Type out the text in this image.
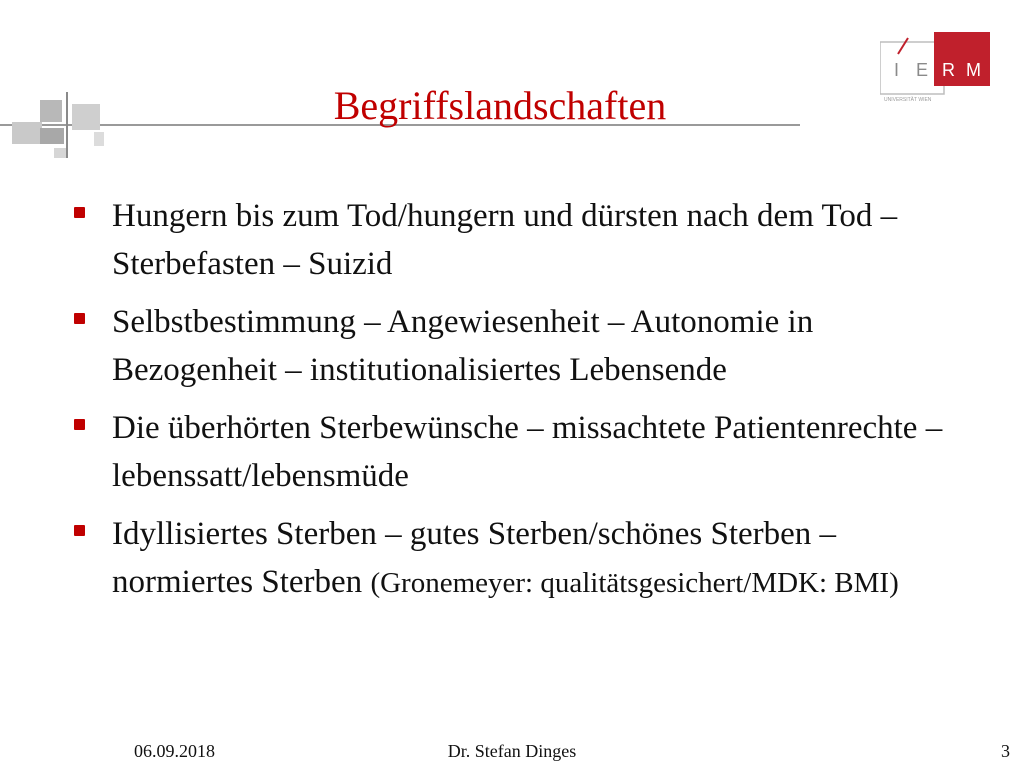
I E R M
UNIVERSITÄT WIEN
Begriffslandschaften
Hungern bis zum Tod/hungern und dürsten nach dem Tod – Sterbefasten – Suizid
Selbstbestimmung – Angewiesenheit – Autonomie in Bezogenheit – institutionalisiertes Lebensende
Die überhörten Sterbewünsche – missachtete Patientenrechte – lebenssatt/lebensmüde
Idyllisiertes Sterben – gutes Sterben/schönes Sterben – normiertes Sterben (Gronemeyer: qualitätsgesichert/MDK: BMI)
06.09.2018	Dr. Stefan Dinges	3
